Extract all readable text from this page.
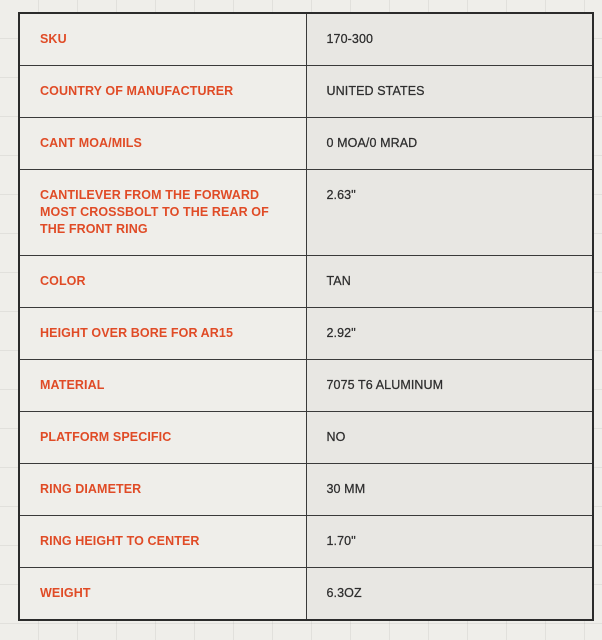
SKU	170-300
COUNTRY OF MANUFACTURER	UNITED STATES
CANT MOA/MILS	0 MOA/0 MRAD
CANTILEVER FROM THE FORWARD MOST CROSSBOLT TO THE REAR OF THE FRONT RING	2.63"
COLOR	TAN
HEIGHT OVER BORE FOR AR15	2.92"
MATERIAL	7075 T6 ALUMINUM
PLATFORM SPECIFIC	NO
RING DIAMETER	30 MM
RING HEIGHT TO CENTER	1.70"
WEIGHT	6.3OZ
